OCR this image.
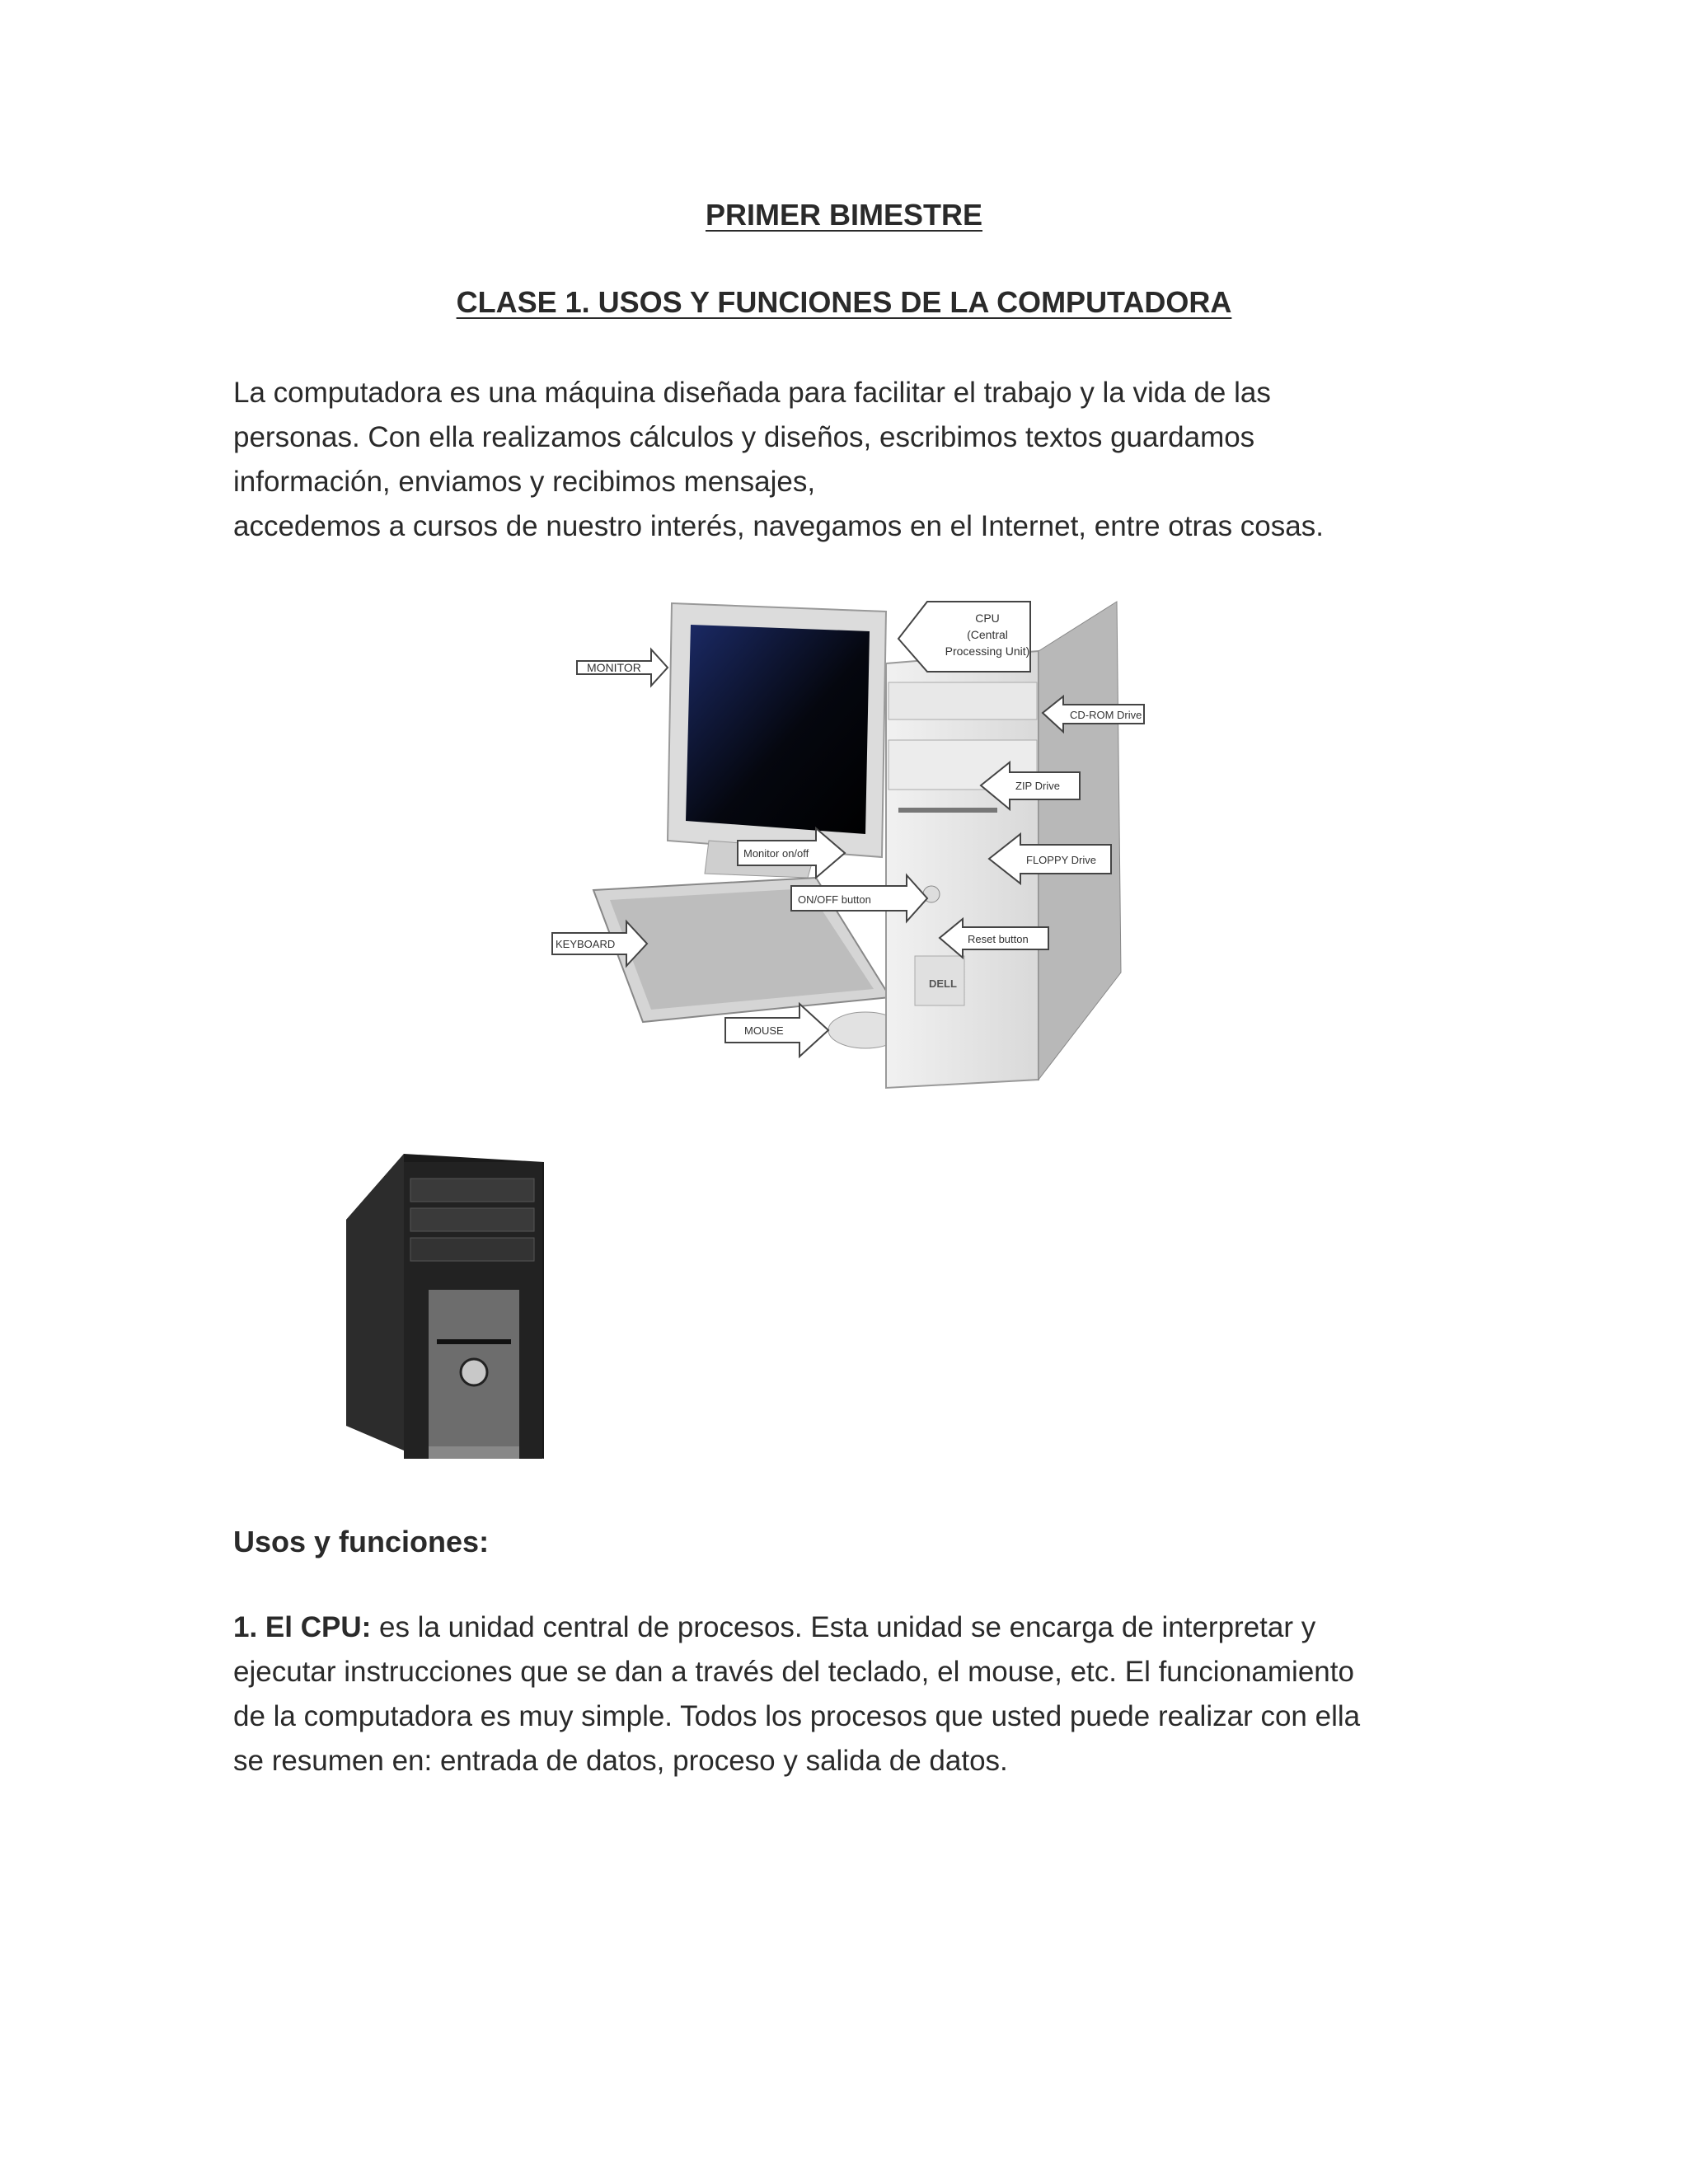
PRIMER BIMESTRE
CLASE 1. USOS Y FUNCIONES DE LA COMPUTADORA

La computadora es una máquina diseñada para facilitar el trabajo y la vida de las
personas. Con ella realizamos cálculos y diseños, escribimos textos guardamos
información, enviamos y recibimos mensajes,
accedemos a cursos de nuestro interés, navegamos en el Internet, entre otras cosas.

DELL
MONITOR
CPU
(Central
Processing Unit)
CD-ROM Drive
ZIP Drive
FLOPPY Drive
Monitor on/off
ON/OFF button
KEYBOARD	Reset button
MOUSE
Usos y funciones:

1. El CPU: es la unidad central de procesos. Esta unidad se encarga de interpretar y
ejecutar instrucciones que se dan a través del teclado, el mouse, etc. El funcionamiento
de la computadora es muy simple. Todos los procesos que usted puede realizar con ella
se resumen en: entrada de datos, proceso y salida de datos.
